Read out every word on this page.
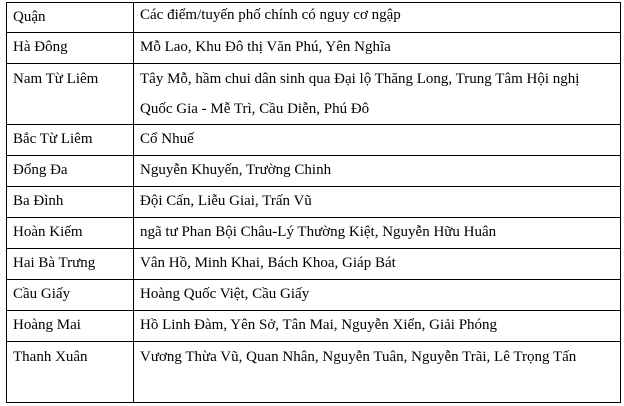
Quận	Các điểm/tuyến phố chính có nguy cơ ngập
Hà Đông	Mỗ Lao, Khu Đô thị Văn Phú, Yên Nghĩa
Nam Từ Liêm	Tây Mỗ, hầm chui dân sinh qua Đại lộ Thăng Long, Trung Tâm Hội nghị Quốc Gia - Mễ Trì, Cầu Diễn, Phú Đô
Bắc Từ Liêm	Cổ Nhuế
Đống Đa	Nguyễn Khuyến, Trường Chinh
Ba Đình	Đội Cấn, Liễu Giai, Trấn Vũ
Hoàn Kiếm	ngã tư Phan Bội Châu-Lý Thường Kiệt, Nguyễn Hữu Huân
Hai Bà Trưng	Vân Hồ, Minh Khai, Bách Khoa, Giáp Bát
Cầu Giấy	Hoàng Quốc Việt, Cầu Giấy
Hoàng Mai	Hồ Linh Đàm, Yên Sở, Tân Mai, Nguyễn Xiển, Giải Phóng
Thanh Xuân	Vương Thừa Vũ, Quan Nhân, Nguyễn Tuân, Nguyễn Trãi, Lê Trọng Tấn
